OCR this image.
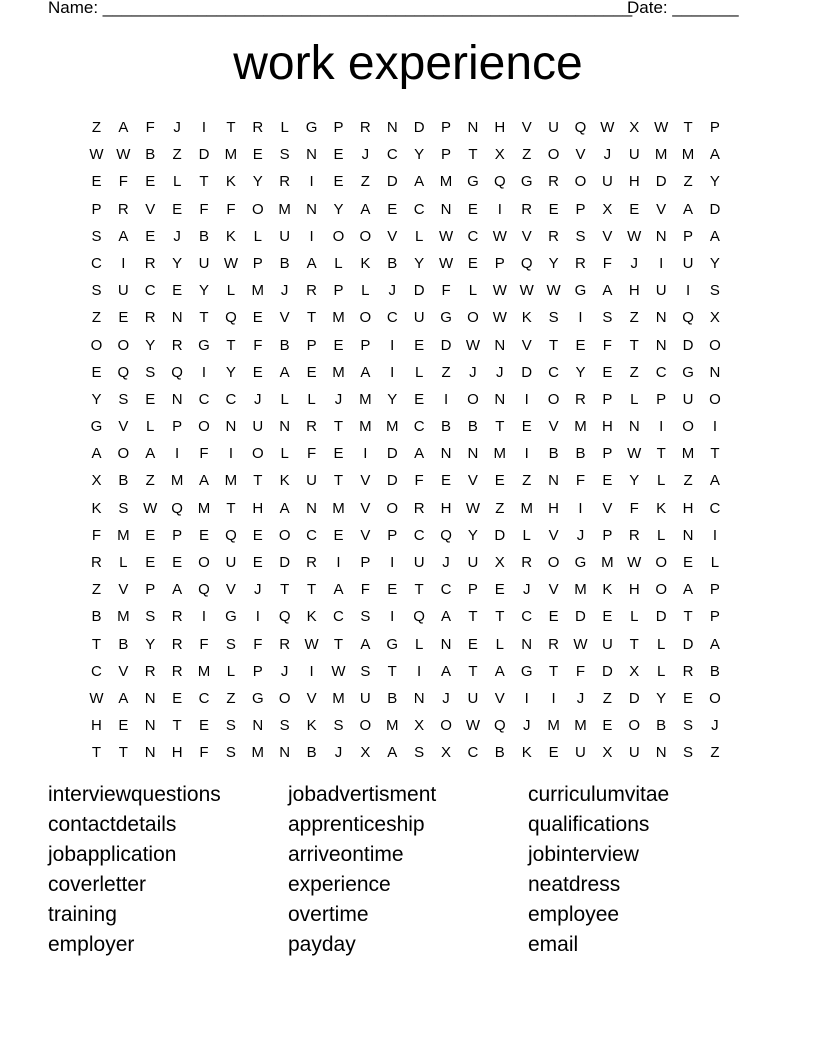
Name: ________________________________________________________
Date: _______
work experience
Z	A	F	J	I	T	R	L	G	P	R	N	D	P	N	H	V	U	Q W X W	T	P
W W B	Z	D	M	E	S	N	E	J	C	Y	P	T	X	Z	O	V	J	U	M M	A
E	F	E	L	T	K	Y	R	I	E	Z	D	A	M G	Q	G	R	O	U	H	D	Z	Y
P	R	V	E	F	F	O M	N	Y	A	E	C	N	E	I	R	E	P	X	E	V	A	D
S	A	E	J	B	K	L	U	I	O	O	V	L	W C W V	R	S	V W N	P	A
C	I	R	Y	U W P	B	A	L	K	B	Y W E	P	Q	Y	R	F	J	I	U	Y
S	U	C	E	Y	L	M	J	R	P	L	J	D	F	L	W W W G	A	H	U	I	S
Z	E	R	N	T	Q	E	V	T	M O	C	U	G	O W K	S	I	S	Z	N	Q	X
O	O	Y	R	G	T	F	B	P	E	P	I	E	D W N	V	T	E	F	T	N	D	O
E	Q	S	Q	I	Y	E	A	E	M	A	I	L	Z	J	J	D	C	Y	E	Z	C	G	N
Y	S	E	N	C	C	J	L	L	J	M	Y	E	I	O	N	I	O	R	P	L	P	U	O
G	V	L	P	O	N	U	N	R	T	M M	C	B	B	T	E	V	M	H	N	I	O	I
A	O	A	I	F	I	O	L	F	E	I	D	A	N	N	M	I	B	B	P W	T	M	T
X	B	Z	M	A	M	T	K	U	T	V	D	F	E	V	E	Z	N	F	E	Y	L	Z	A
K	S W Q M	T	H	A	N	M	V	O	R	H W	Z	M	H	I	V	F	K	H	C
F	M	E	P	E	Q	E	O	C	E	V	P	C	Q	Y	D	L	V	J	P	R	L	N	I
R	L	E	E	O	U	E	D	R	I	P	I	U	J	U	X	R	O	G M W O	E	L
Z	V	P	A	Q	V	J	T	T	A	F	E	T	C	P	E	J	V	M	K	H	O	A	P
B	M	S	R	I	G	I	Q	K	C	S	I	Q	A	T	T	C	E	D	E	L	D	T	P
T	B	Y	R	F	S	F	R W	T	A	G	L	N	E	L	N	R W U	T	L	D	A
C	V	R	R	M	L	P	J	I	W S	T	I	A	T	A	G	T	F	D	X	L	R	B
W A	N	E	C	Z	G	O	V	M	U	B	N	J	U	V	I	I	J	Z	D	Y	E	O
H	E	N	T	E	S	N	S	K	S	O M	X	O W Q	J	M M	E	O	B	S	J
T	T	N	H	F	S	M	N	B	J	X	A	S	X	C	B	K	E	U	X	U	N	S	Z
interviewquestions	jobadvertisment	curriculumvitae
contactdetails	apprenticeship	qualifications
jobapplication	arriveontime	jobinterview
coverletter	experience	neatdress
training	overtime	employee
employer	payday	email
